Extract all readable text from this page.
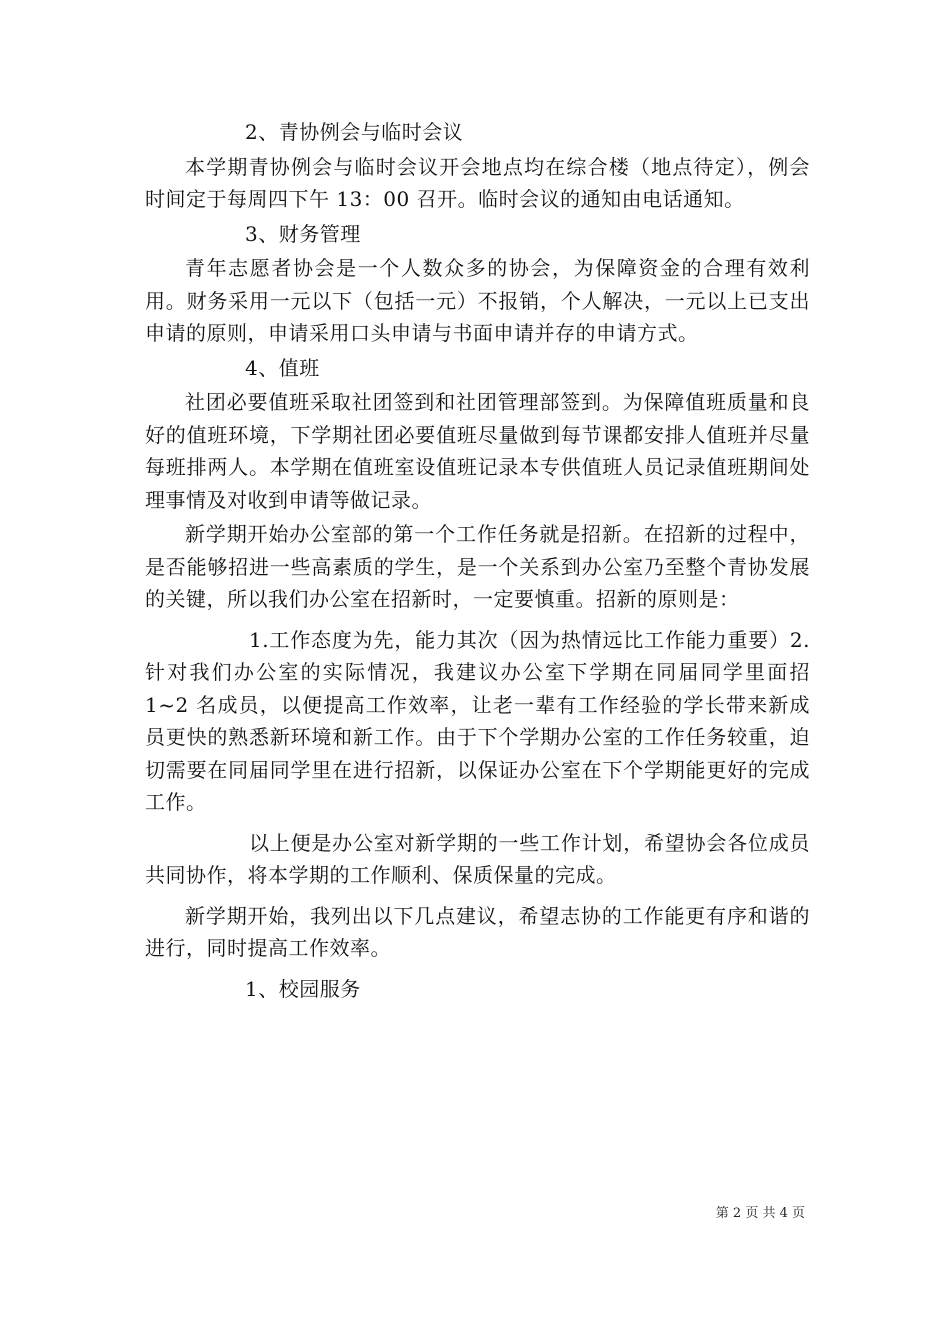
2、青协例会与临时会议

本学期青协例会与临时会议开会地点均在综合楼（地点待定），例会时间定于每周四下午 13：00 召开。临时会议的通知由电话通知。

3、财务管理

青年志愿者协会是一个人数众多的协会，为保障资金的合理有效利用。财务采用一元以下（包括一元）不报销，个人解决，一元以上已支出申请的原则，申请采用口头申请与书面申请并存的申请方式。

4、值班

社团必要值班采取社团签到和社团管理部签到。为保障值班质量和良好的值班环境，下学期社团必要值班尽量做到每节课都安排人值班并尽量每班排两人。本学期在值班室设值班记录本专供值班人员记录值班期间处理事情及对收到申请等做记录。

新学期开始办公室部的第一个工作任务就是招新。在招新的过程中，是否能够招进一些高素质的学生，是一个关系到办公室乃至整个青协发展的关键，所以我们办公室在招新时，一定要慎重。招新的原则是：

1.工作态度为先，能力其次（因为热情远比工作能力重要）2.针对我们办公室的实际情况，我建议办公室下学期在同届同学里面招 1~2 名成员，以便提高工作效率，让老一辈有工作经验的学长带来新成员更快的熟悉新环境和新工作。由于下个学期办公室的工作任务较重，迫切需要在同届同学里在进行招新，以保证办公室在下个学期能更好的完成工作。

以上便是办公室对新学期的一些工作计划，希望协会各位成员共同协作，将本学期的工作顺利、保质保量的完成。

新学期开始，我列出以下几点建议，希望志协的工作能更有序和谐的进行，同时提高工作效率。

1、校园服务

第 2 页 共 4 页
